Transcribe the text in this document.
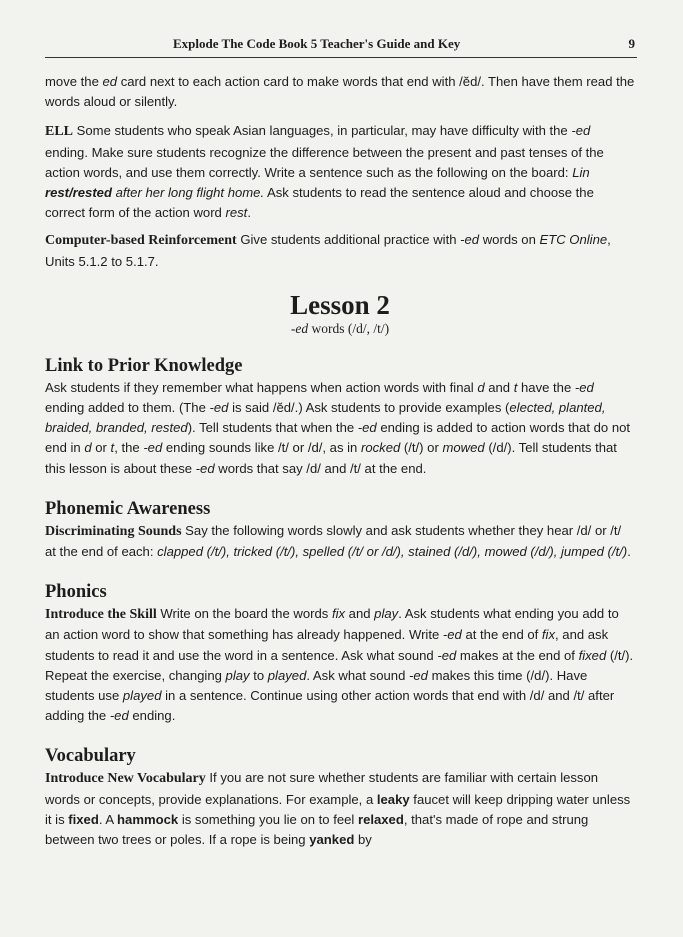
Explode The Code Book 5 Teacher's Guide and Key	9

move the ed card next to each action card to make words that end with /ĕd/. Then have them read the words aloud or silently.

ELL Some students who speak Asian languages, in particular, may have difficulty with the -ed ending. Make sure students recognize the difference between the present and past tenses of the action words, and use them correctly. Write a sentence such as the following on the board: Lin rest/rested after her long flight home. Ask students to read the sentence aloud and choose the correct form of the action word rest.

Computer-based Reinforcement Give students additional practice with -ed words on ETC Online, Units 5.1.2 to 5.1.7.

Lesson 2

-ed words (/d/, /t/)

Link to Prior Knowledge

Ask students if they remember what happens when action words with final d and t have the -ed ending added to them. (The -ed is said /ĕd/.) Ask students to provide examples (elected, planted, braided, branded, rested). Tell students that when the -ed ending is added to action words that do not end in d or t, the -ed ending sounds like /t/ or /d/, as in rocked (/t/) or mowed (/d/). Tell students that this lesson is about these -ed words that say /d/ and /t/ at the end.

Phonemic Awareness

Discriminating Sounds Say the following words slowly and ask students whether they hear /d/ or /t/ at the end of each: clapped (/t/), tricked (/t/), spelled (/t/ or /d/), stained (/d/), mowed (/d/), jumped (/t/).

Phonics

Introduce the Skill Write on the board the words fix and play. Ask students what ending you add to an action word to show that something has already happened. Write -ed at the end of fix, and ask students to read it and use the word in a sentence. Ask what sound -ed makes at the end of fixed (/t/). Repeat the exercise, changing play to played. Ask what sound -ed makes this time (/d/). Have students use played in a sentence. Continue using other action words that end with /d/ and /t/ after adding the -ed ending.

Vocabulary

Introduce New Vocabulary If you are not sure whether students are familiar with certain lesson words or concepts, provide explanations. For example, a leaky faucet will keep dripping water unless it is fixed. A hammock is something you lie on to feel relaxed, that's made of rope and strung between two trees or poles. If a rope is being yanked by
